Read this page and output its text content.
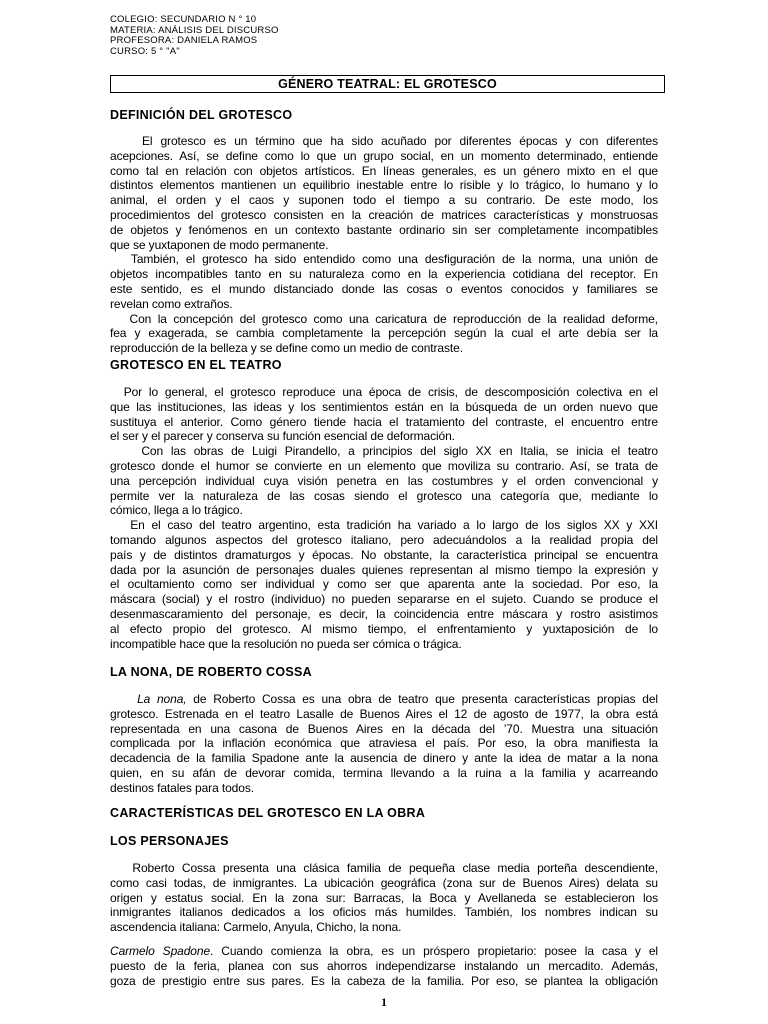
COLEGIO: SECUNDARIO N ° 10
MATERIA: ANÁLISIS DEL DISCURSO
PROFESORA: DANIELA RAMOS
CURSO: 5 ° "A"
GÉNERO TEATRAL: EL GROTESCO
DEFINICIÓN DEL GROTESCO
El grotesco es un término que ha sido acuñado por diferentes épocas y con diferentes
acepciones. Así, se define como lo que un grupo social, en un momento determinado, entiende
como tal en relación con objetos artísticos. En líneas generales, es un género mixto en el que
distintos elementos mantienen un equilibrio inestable entre lo risible y lo trágico, lo humano y lo
animal, el orden y el caos y suponen todo el tiempo a su contrario. De este modo, los
procedimientos del grotesco consisten en la creación de matrices características y monstruosas
de objetos y fenómenos en un contexto bastante ordinario sin ser completamente incompatibles
que se yuxtaponen de modo permanente.
También, el grotesco ha sido entendido como una desfiguración de la norma, una unión de
objetos incompatibles tanto en su naturaleza como en la experiencia cotidiana del receptor. En
este sentido, es el mundo distanciado donde las cosas o eventos conocidos y familiares se
revelan como extraños.
Con la concepción del grotesco como una caricatura de reproducción de la realidad deforme,
fea y exagerada, se cambia completamente la percepción según la cual el arte debía ser la
reproducción de la belleza y se define como un medio de contraste.
GROTESCO EN EL TEATRO
Por lo general, el grotesco reproduce una época de crisis, de descomposición colectiva en el
que las instituciones, las ideas y los sentimientos están en la búsqueda de un orden nuevo que
sustituya el anterior. Como género tiende hacia el tratamiento del contraste, el encuentro entre
el ser y el parecer y conserva su función esencial de deformación.
Con las obras de Luigi Pirandello, a principios del siglo XX en Italia, se inicia el teatro
grotesco donde el humor se convierte en un elemento que moviliza su contrario. Así, se trata de
una percepción individual cuya visión penetra en las costumbres y el orden convencional y
permite ver la naturaleza de las cosas siendo el grotesco una categoría que, mediante lo
cómico, llega a lo trágico.
En el caso del teatro argentino, esta tradición ha variado a lo largo de los siglos XX y XXI
tomando algunos aspectos del grotesco italiano, pero adecuándolos a la realidad propia del
país y de distintos dramaturgos y épocas. No obstante, la característica principal se encuentra
dada por la asunción de personajes duales quienes representan al mismo tiempo la expresión y
el ocultamiento como ser individual y como ser que aparenta ante la sociedad. Por eso, la
máscara (social) y el rostro (individuo) no pueden separarse en el sujeto. Cuando se produce el
desenmascaramiento del personaje, es decir, la coincidencia entre máscara y rostro asistimos
al efecto propio del grotesco. Al mismo tiempo, el enfrentamiento y yuxtaposición de lo
incompatible hace que la resolución no pueda ser cómica o trágica.
LA NONA, DE ROBERTO COSSA
La nona, de Roberto Cossa es una obra de teatro que presenta características propias del
grotesco. Estrenada en el teatro Lasalle de Buenos Aires el 12 de agosto de 1977, la obra está
representada en una casona de Buenos Aires en la década del ’70. Muestra una situación
complicada por la inflación económica que atraviesa el país. Por eso, la obra manifiesta la
decadencia de la familia Spadone ante la ausencia de dinero y ante la idea de matar a la nona
quien, en su afán de devorar comida, termina llevando a la ruina a la familia y acarreando
destinos fatales para todos.
CARACTERÍSTICAS DEL GROTESCO EN LA OBRA
LOS PERSONAJES
Roberto Cossa presenta una clásica familia de pequeña clase media porteña descendiente,
como casi todas, de inmigrantes. La ubicación geográfica (zona sur de Buenos Aires) delata su
origen y estatus social. En la zona sur: Barracas, la Boca y Avellaneda se establecieron los
inmigrantes italianos dedicados a los oficios más humildes. También, los nombres indican su
ascendencia italiana: Carmelo, Anyula, Chicho, la nona.
Carmelo Spadone. Cuando comienza la obra, es un próspero propietario: posee la casa y el
puesto de la feria, planea con sus ahorros independizarse instalando un mercadito. Además,
goza de prestigio entre sus pares. Es la cabeza de la familia. Por eso, se plantea la obligación
1
